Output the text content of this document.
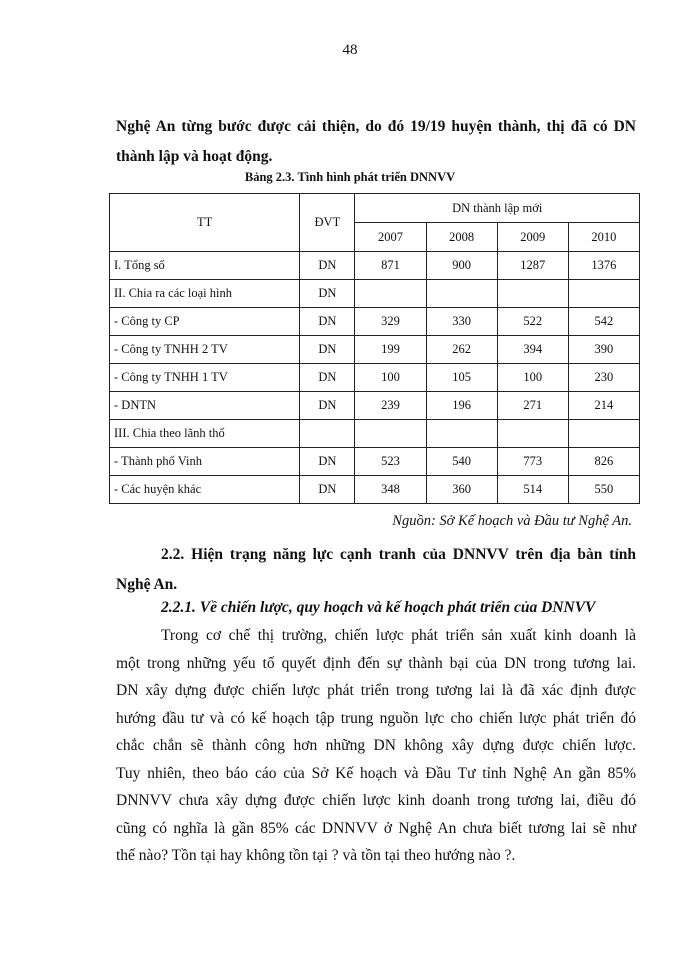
48
Nghệ An từng bước được cải thiện, do đó 19/19 huyện thành, thị đã có DN
thành lập và hoạt động.
Bảng 2.3. Tình hình phát triển DNNVV
TT	ĐVT	DN thành lập mới			
		2007	2008	2009	2010
I. Tổng số	DN	871	900	1287	1376
II. Chia ra các loại hình	DN				
- Công ty CP	DN	329	330	522	542
- Công ty TNHH 2 TV	DN	199	262	394	390
- Công ty TNHH 1 TV	DN	100	105	100	230
- DNTN	DN	239	196	271	214
III. Chia theo lãnh thổ					
- Thành phố Vinh	DN	523	540	773	826
- Các huyện khác	DN	348	360	514	550
Nguồn: Sở Kế hoạch và Đầu tư Nghệ An.
2.2. Hiện trạng năng lực cạnh tranh của DNNVV trên địa bàn tỉnh
Nghệ An.
2.2.1. Về chiến lược, quy hoạch và kế hoạch phát triển của DNNVV
Trong cơ chế thị trường, chiến lược phát triển sản xuất kinh doanh là
một trong những yếu tố quyết định đến sự thành bại của DN trong tương lai.
DN xây dựng được chiến lược phát triển trong tương lai là đã xác định được
hướng đầu tư và có kế hoạch tập trung nguồn lực cho chiến lược phát triển đó
chắc chắn sẽ thành công hơn những DN không xây dựng được chiến lược.
Tuy nhiên, theo báo cáo của Sở Kế hoạch và Đầu Tư tỉnh Nghệ An gần 85%
DNNVV chưa xây dựng được chiến lược kinh doanh trong tương lai, điều đó
cũng có nghĩa là gần 85% các DNNVV ở Nghệ An chưa biết tương lai sẽ như
thế nào? Tồn tại hay không tồn tại ? và tồn tại theo hướng nào ?.
